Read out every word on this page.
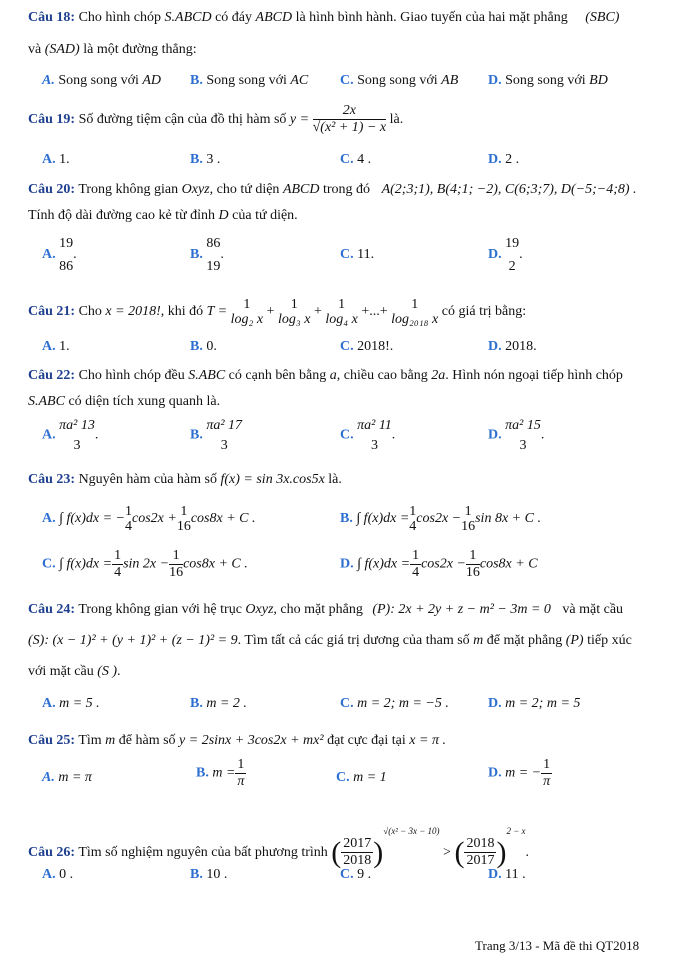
Câu 18: Cho hình chóp S.ABCD có đáy ABCD là hình bình hành. Giao tuyến của hai mặt phẳng (SBC)
và (SAD) là một đường thẳng:
A. Song song với AD B. Song song với AC C. Song song với AB D. Song song với BD
Câu 19: Số đường tiệm cận của đồ thị hàm số $y = \frac{2x}{\text{√(x² + 1) − x}}$ là.
A. 1.	B. 3 .	C. 4 .	D. 2 .
Câu 20: Trong không gian Oxyz, cho tứ diện ABCD trong đó A(2;3;1), B(4;1; −2), C(6;3;7), D(−5;−4;8) .
Tính độ dài đường cao kẻ từ đỉnh D của tứ diện.
A.
19
86
.	B.
86
19
.	C. 11.	D.
19
2
.
Câu 21: Cho x = 2018!, khi đó T =	1
log₂ x
+	1
log₃ x
+	1
log₄ x
+...+	1
log₂₀₁₈ x
có giá trị bằng:
A. 1.	B. 0.	C. 2018!.	D. 2018.
Câu 22: Cho hình chóp đều S.ABC có cạnh bên bằng a, chiều cao bằng 2a. Hình nón ngoại tiếp hình chóp
S.ABC có diện tích xung quanh là.
A.
πa² 13
3
.	B.
πa² 17
3
C.
πa² 11
3
.	D.
πa² 15
3
.
Câu 23: Nguyên hàm của hàm số f(x) = sin 3x.cos5x là.
A. ∫ f(x)dx = − 1
4
cos2x + 1
16
cos8x + C .	B. ∫ f(x)dx = 1
4
cos2x − 1
16
sin 8x + C .
C. ∫ $f(x)dx = \frac{1}{4}$ $\sin 2x - \frac{1}{16} \cos 8x + C$ .	D. ∫ $f(x)dx = \frac{1}{4} \cos 2x - \frac{1}{16} \cos 8x + C$
Câu 24: Trong không gian với hệ trục Oxyz, cho mặt phẳng (P): 2x + 2y + z − m² − 3m = 0 và mặt cầu
(S): (x − 1)² + (y + 1)² + (z − 1)² = 9. Tìm tất cả các giá trị dương của tham số m để mặt phẳng (P) tiếp xúc
với mặt cầu (S ).
A. m = 5 .	B. m = 2 .	C. m = 2; m = −5 .	D. m = 2; m = 5
Câu 25: Tìm m để hàm số y = 2sinx + 3cos2x + mx² đạt cực đại tại x = π .
A. m = π	B. $m = \frac{1}{\pi}$	C. m = 1	D. m = − $\frac{1}{\pi}$
Câu 26: Tìm số nghiệm nguyên của bất phương trình ( $\frac{2017}{2018} )^{√(x^2 - 3x - 10)}$ > ( $\frac{2018}{2017} )^{2 - x}$.
A. 0 .	B. 10 .	C. 9 .	D. 11 .
Trang 3/13 - Mã đề thi QT2018
